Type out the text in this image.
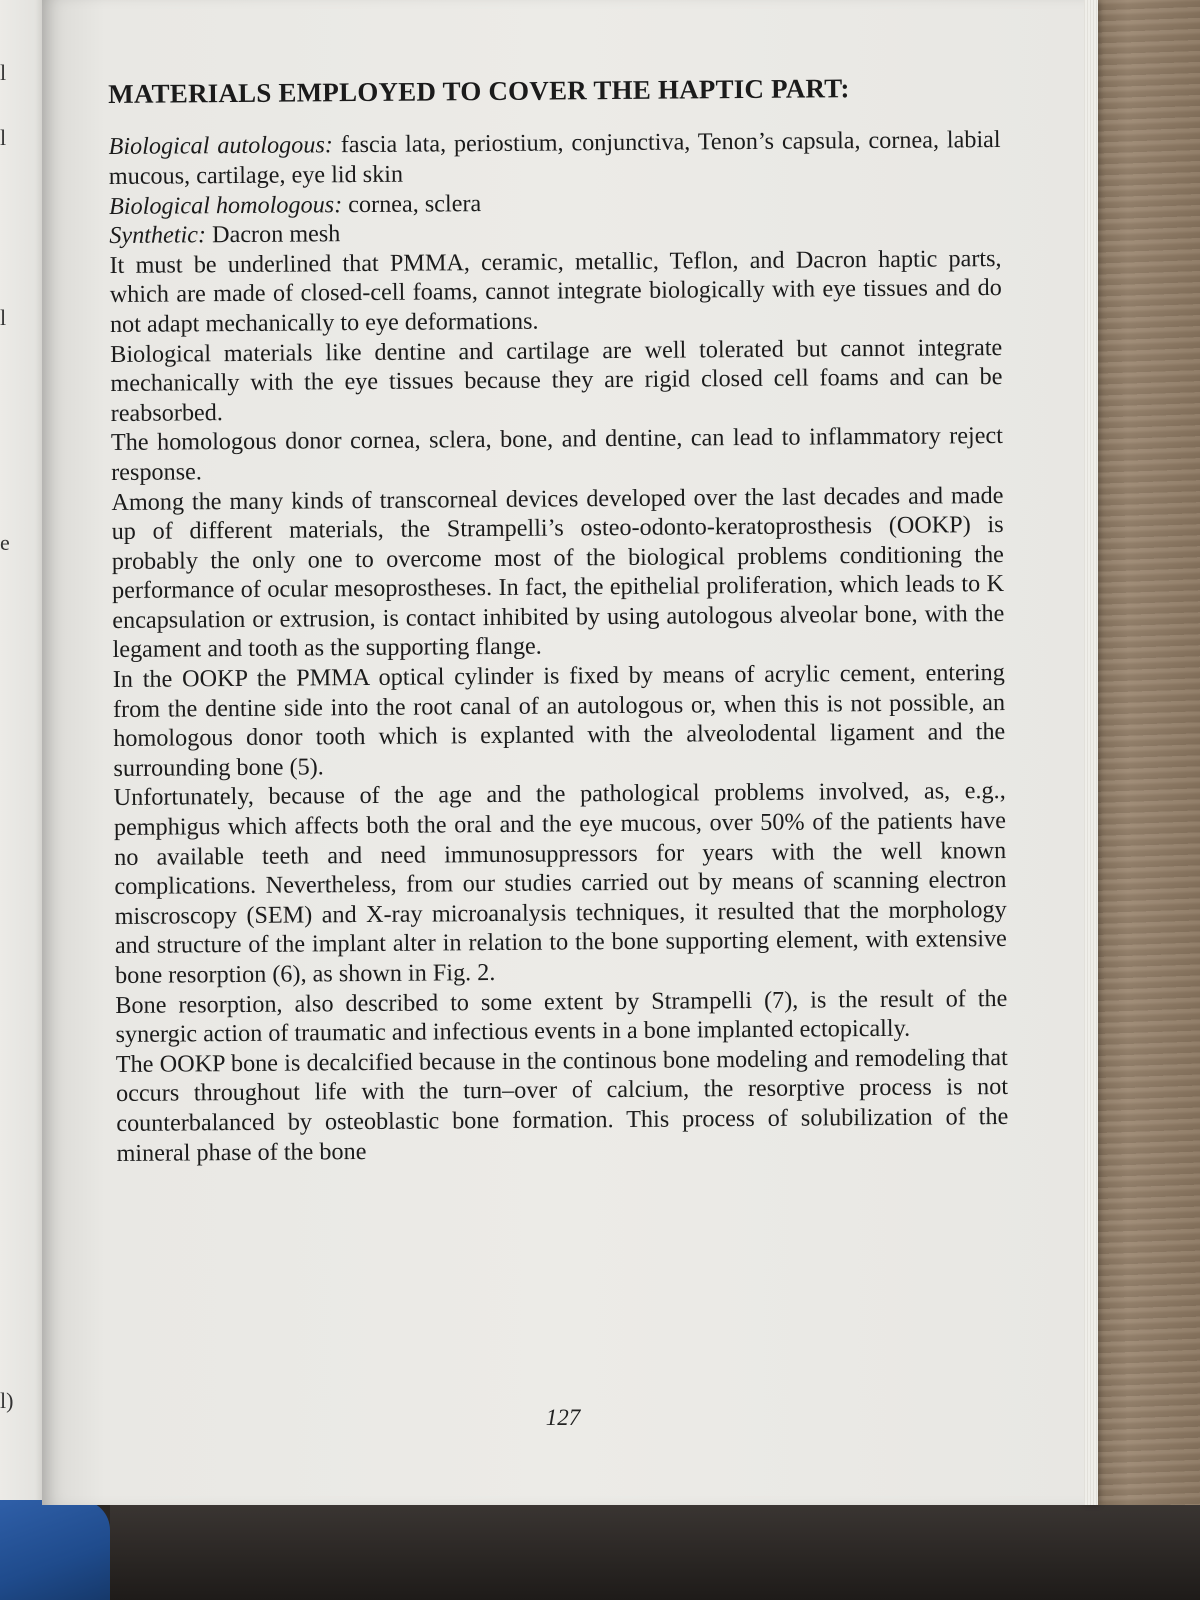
l
l
l
e
l)
MATERIALS EMPLOYED TO COVER THE HAPTIC PART:

Biological autologous: fascia lata, periostium, conjunctiva, Tenon’s capsula, cornea, labial mucous, cartilage, eye lid skin

Biological homologous: cornea, sclera

Synthetic: Dacron mesh

It must be underlined that PMMA, ceramic, metallic, Teflon, and Dacron haptic parts, which are made of closed-cell foams, cannot integrate biologically with eye tissues and do not adapt mechanically to eye deformations.

Biological materials like dentine and cartilage are well tolerated but cannot integrate mechanically with the eye tissues because they are rigid closed cell foams and can be reabsorbed.

The homologous donor cornea, sclera, bone, and dentine, can lead to inflammatory reject response.

Among the many kinds of transcorneal devices developed over the last decades and made up of different materials, the Strampelli’s osteo-odonto-keratoprosthesis (OOKP) is probably the only one to overcome most of the biological problems conditioning the performance of ocular mesoprostheses. In fact, the epithelial proliferation, which leads to K encapsulation or extrusion, is contact inhibited by using autologous alveolar bone, with the legament and tooth as the supporting flange.

In the OOKP the PMMA optical cylinder is fixed by means of acrylic cement, entering from the dentine side into the root canal of an autologous or, when this is not possible, an homologous donor tooth which is explanted with the alveolodental ligament and the surrounding bone (5).

Unfortunately, because of the age and the pathological problems involved, as, e.g., pemphigus which affects both the oral and the eye mucous, over 50% of the patients have no available teeth and need immunosuppressors for years with the well known complications. Nevertheless, from our studies carried out by means of scanning electron miscroscopy (SEM) and X-ray microanalysis techniques, it resulted that the morphology and structure of the implant alter in relation to the bone supporting element, with extensive bone resorption (6), as shown in Fig. 2.

Bone resorption, also described to some extent by Strampelli (7), is the result of the synergic action of traumatic and infectious events in a bone implanted ectopically.

The OOKP bone is decalcified because in the continous bone modeling and remodeling that occurs throughout life with the turn–over of calcium, the resorptive process is not counterbalanced by osteoblastic bone formation. This process of solubilization of the mineral phase of the bone

127
